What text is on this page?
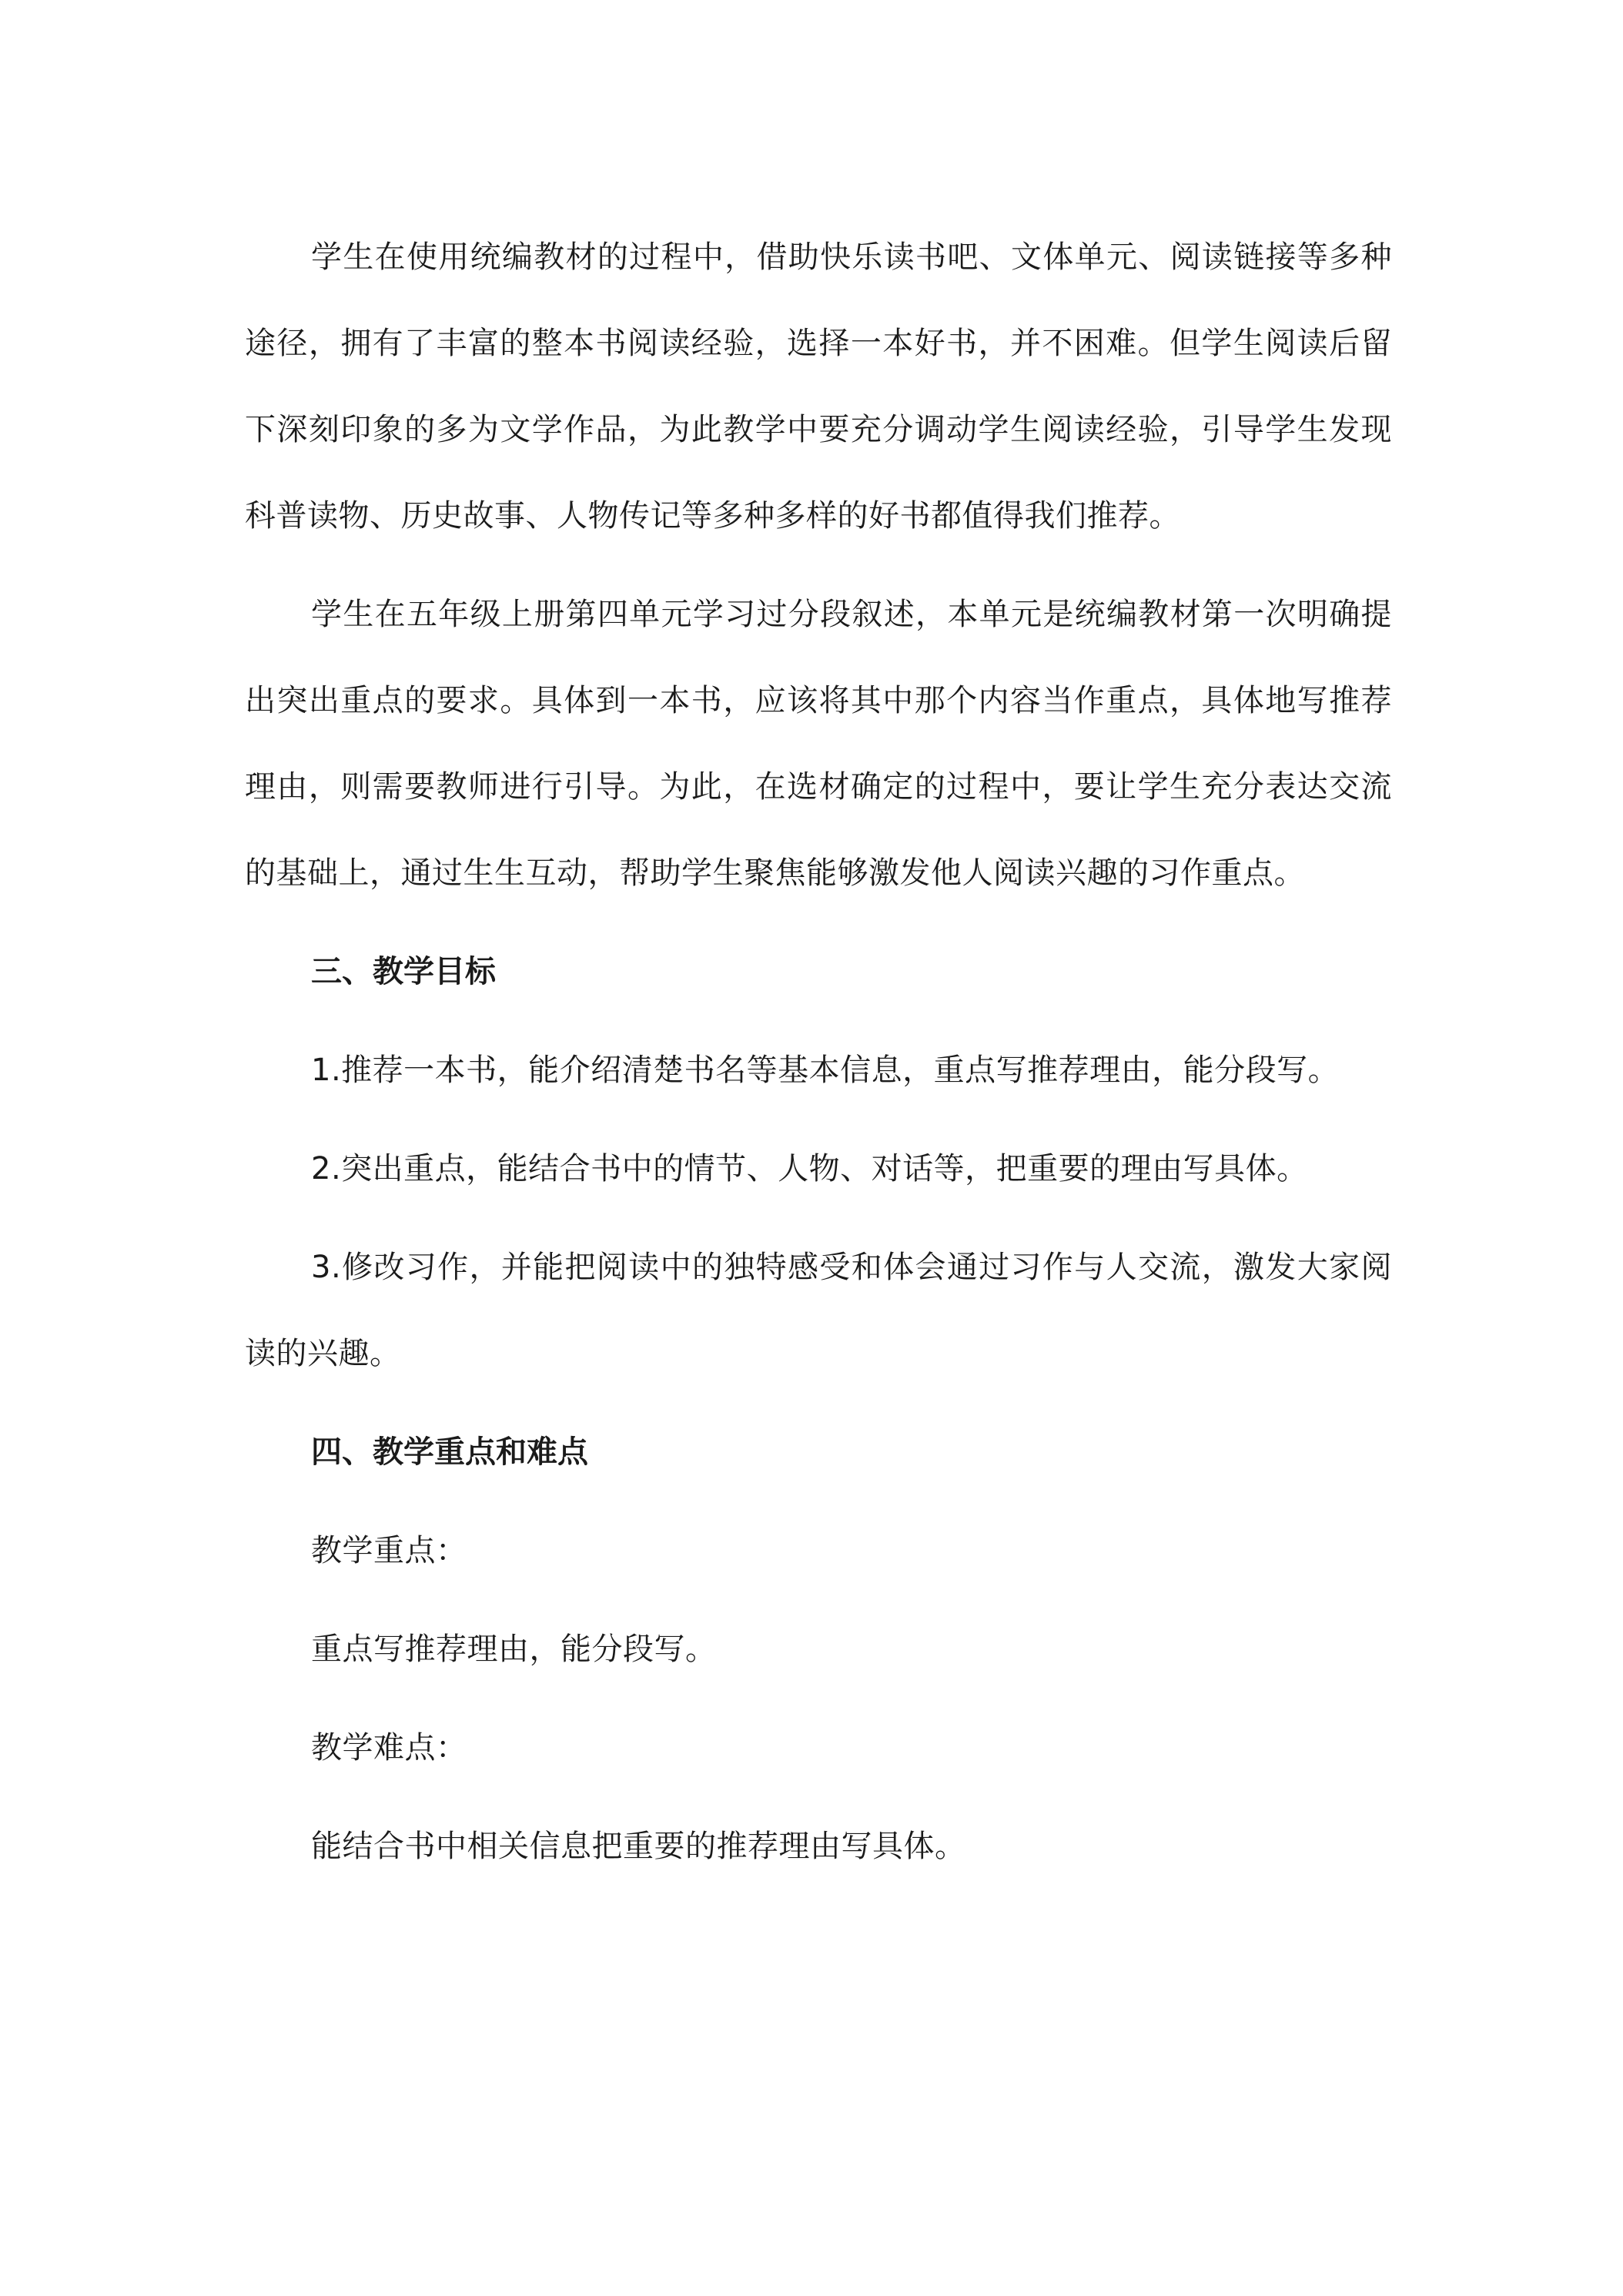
学生在使用统编教材的过程中，借助快乐读书吧、文体单元、阅读链接等多种途径，拥有了丰富的整本书阅读经验，选择一本好书，并不困难。但学生阅读后留下深刻印象的多为文学作品，为此教学中要充分调动学生阅读经验，引导学生发现科普读物、历史故事、人物传记等多种多样的好书都值得我们推荐。

学生在五年级上册第四单元学习过分段叙述，本单元是统编教材第一次明确提出突出重点的要求。具体到一本书，应该将其中那个内容当作重点，具体地写推荐理由，则需要教师进行引导。为此，在选材确定的过程中，要让学生充分表达交流的基础上，通过生生互动，帮助学生聚焦能够激发他人阅读兴趣的习作重点。

三、教学目标

1.推荐一本书，能介绍清楚书名等基本信息，重点写推荐理由，能分段写。

2.突出重点，能结合书中的情节、人物、对话等，把重要的理由写具体。

3.修改习作，并能把阅读中的独特感受和体会通过习作与人交流，激发大家阅读的兴趣。

四、教学重点和难点

教学重点：

重点写推荐理由，能分段写。

教学难点：

能结合书中相关信息把重要的推荐理由写具体。
